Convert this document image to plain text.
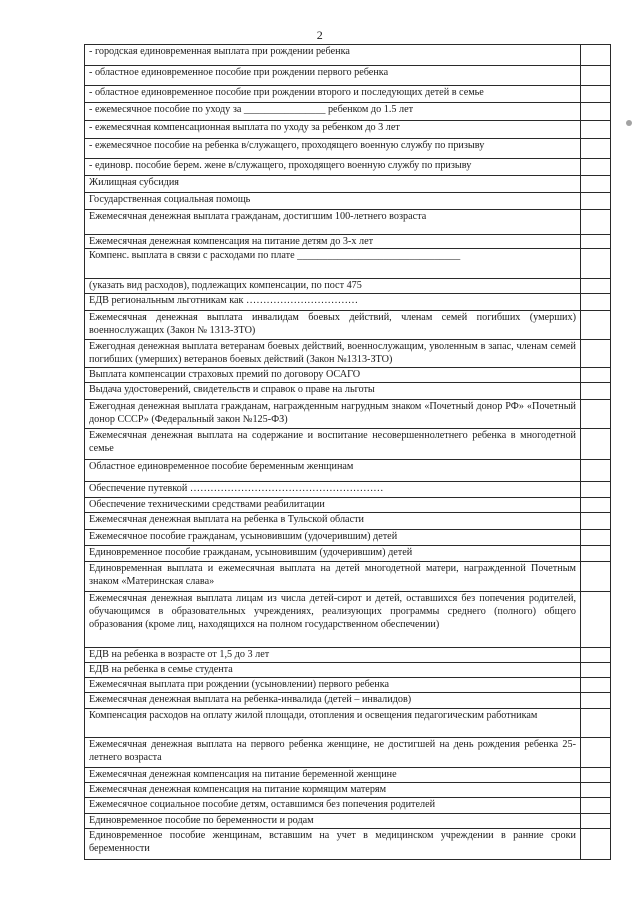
2
- городская единовременная выплата при рождении ребенка	
- областное единовременное пособие при рождении первого ребенка	
- областное единовременное пособие при рождении второго и последующих детей в семье	
- ежемесячное пособие по уходу за ________________ ребенком до 1.5 лет	
- ежемесячная компенсационная выплата по уходу за ребенком до 3 лет	
- ежемесячное пособие на ребенка в/служащего, проходящего военную службу по призыву	
- единовр. пособие берем. жене в/служащего, проходящего военную службу по призыву	
Жилищная субсидия	
Государственная социальная помощь	
Ежемесячная денежная выплата гражданам, достигшим 100-летнего возраста	
Ежемесячная денежная компенсация на питание детям до 3-х лет	
Компенс. выплата в связи с расходами по плате ________________________________	
(указать вид расходов), подлежащих компенсации, по пост 475	
ЕДВ региональным льготникам как ……………………………	
Ежемесячная денежная выплата инвалидам боевых действий, членам семей погибших (умерших) военнослужащих (Закон № 1313-ЗТО)	
Ежегодная денежная выплата ветеранам боевых действий, военнослужащим, уволенным в запас, членам семей погибших (умерших) ветеранов боевых действий (Закон №1313-ЗТО)	
Выплата компенсации страховых премий по договору ОСАГО	
Выдача удостоверений, свидетельств и справок о праве на льготы	
Ежегодная денежная выплата гражданам, награжденным нагрудным знаком «Почетный донор РФ» «Почетный донор СССР» (Федеральный закон №125-ФЗ)	
Ежемесячная денежная выплата на содержание и воспитание несовершеннолетнего ребенка в многодетной семье	
Областное единовременное пособие беременным женщинам	
Обеспечение путевкой …………………………………………………	
Обеспечение техническими средствами реабилитации	
Ежемесячная денежная выплата на ребенка в Тульской области	
Ежемесячное пособие гражданам, усыновившим (удочерившим) детей	
Единовременное пособие гражданам, усыновившим (удочерившим) детей	
Единовременная выплата и ежемесячная выплата на детей многодетной матери, награжденной Почетным знаком «Материнская слава»	
Ежемесячная денежная выплата лицам из числа детей-сирот и детей, оставшихся без попечения родителей, обучающимся в образовательных учреждениях, реализующих программы среднего (полного) общего образования (кроме лиц, находящихся на полном государственном обеспечении)	
ЕДВ на ребенка в возрасте от 1,5 до 3 лет	
ЕДВ на ребенка в семье студента	
Ежемесячная выплата при рождении (усыновлении) первого ребенка	
Ежемесячная денежная выплата на ребенка-инвалида (детей – инвалидов)	
Компенсация расходов на оплату жилой площади, отопления и освещения педагогическим работникам	
Ежемесячная денежная выплата на первого ребенка женщине, не достигшей на день рождения ребенка 25-летнего возраста	
Ежемесячная денежная компенсация на питание беременной женщине	
Ежемесячная денежная компенсация на питание кормящим матерям	
Ежемесячное социальное пособие детям, оставшимся без попечения родителей	
Единовременное пособие по беременности и родам	
Единовременное пособие женщинам, вставшим на учет в медицинском учреждении в ранние сроки беременности	
